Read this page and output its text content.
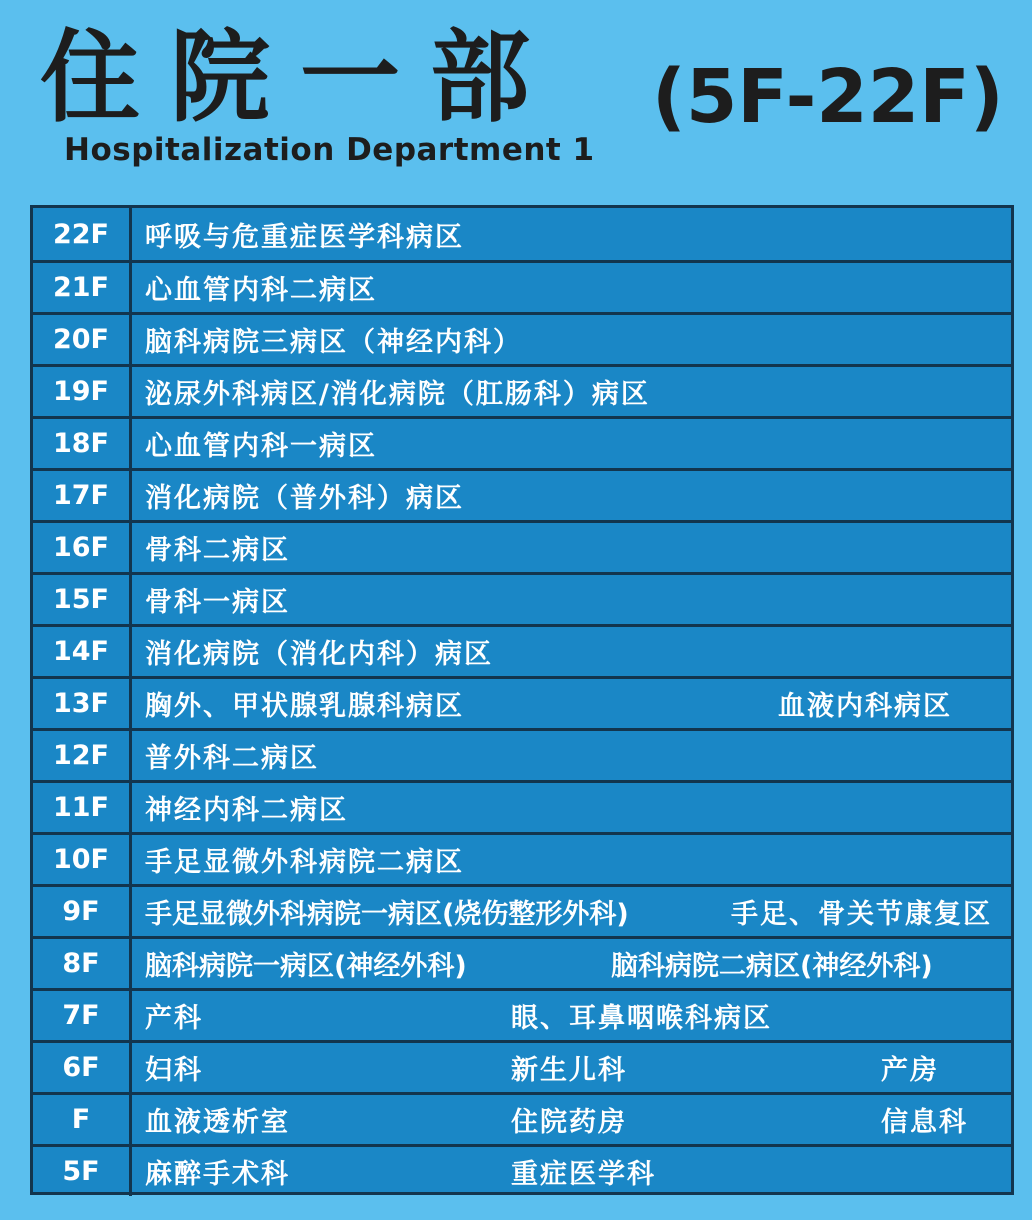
住院一部 (5F-22F)
Hospitalization Department 1
22F	呼吸与危重症医学科病区
21F	心血管内科二病区
20F	脑科病院三病区（神经内科）
19F	泌尿外科病区/消化病院（肛肠科）病区
18F	心血管内科一病区
17F	消化病院（普外科）病区
16F	骨科二病区
15F	骨科一病区
14F	消化病院（消化内科）病区
13F	胸外、甲状腺乳腺科病区	血液内科病区
12F	普外科二病区
11F	神经内科二病区
10F	手足显微外科病院二病区
9F	手足显微外科病院一病区(烧伤整形外科)	手足、骨关节康复区
8F	脑科病院一病区(神经外科)	脑科病院二病区(神经外科)
7F	产科	眼、耳鼻咽喉科病区
6F	妇科	新生儿科	产房
F	血液透析室	住院药房	信息科
5F	麻醉手术科	重症医学科
